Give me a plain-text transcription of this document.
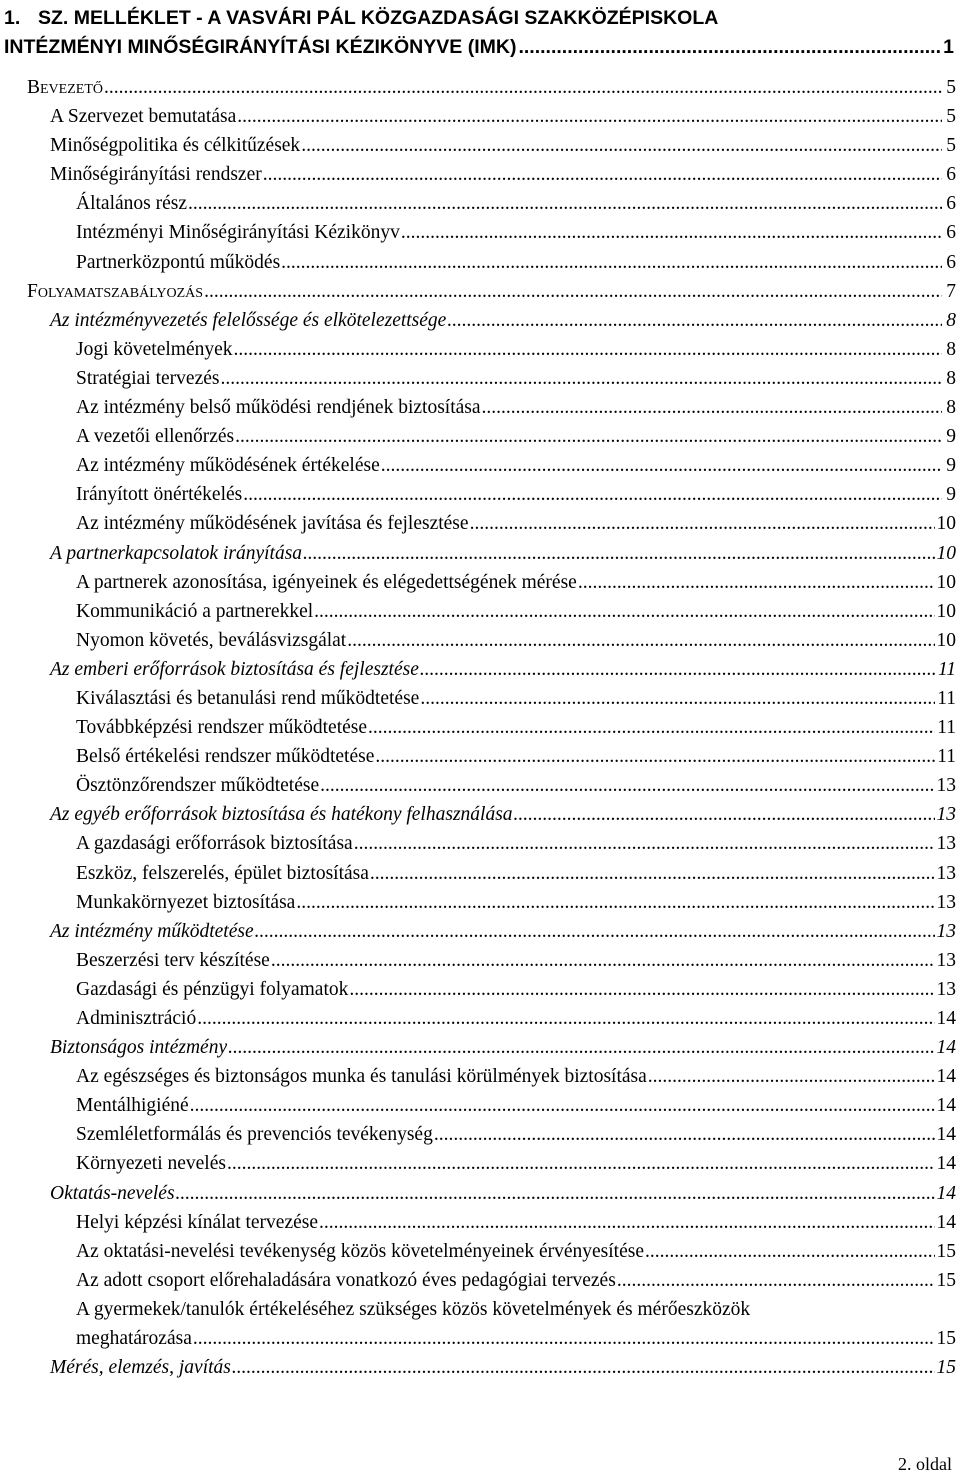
1. SZ. MELLÉKLET - A VASVÁRI PÁL KÖZGAZDASÁGI SZAKKÖZÉPISKOLA
INTÉZMÉNYI MINŐSÉGIRÁNYÍTÁSI KÉZIKÖNYVE (IMK) .....	1
Bevezető .....	5
A Szervezet bemutatása .....	5
Minőségpolitika és célkitűzések .....	5
Minőségirányítási rendszer .....	6
Általános rész .....	6
Intézményi Minőségirányítási Kézikönyv .....	6
Partnerközpontú működés .....	6
Folyamatszabályozás .....	7
Az intézményvezetés felelőssége és elkötelezettsége .....	8
Jogi követelmények .....	8
Stratégiai tervezés .....	8
Az intézmény belső működési rendjének biztosítása .....	8
A vezetői ellenőrzés .....	9
Az intézmény működésének értékelése .....	9
Irányított önértékelés .....	9
Az intézmény működésének javítása és fejlesztése .....	10
A partnerkapcsolatok irányítása .....	10
A partnerek azonosítása, igényeinek és elégedettségének mérése .....	10
Kommunikáció a partnerekkel .....	10
Nyomon követés, beválásvizsgálat .....	10
Az emberi erőforrások biztosítása és fejlesztése .....	11
Kiválasztási és betanulási rend működtetése .....	11
Továbbképzési rendszer működtetése .....	11
Belső értékelési rendszer működtetése .....	11
Ösztönzőrendszer működtetése .....	13
Az egyéb erőforrások biztosítása és hatékony felhasználása .....	13
A gazdasági erőforrások biztosítása .....	13
Eszköz, felszerelés, épület biztosítása .....	13
Munkakörnyezet biztosítása .....	13
Az intézmény működtetése .....	13
Beszerzési terv készítése .....	13
Gazdasági és pénzügyi folyamatok .....	13
Adminisztráció .....	14
Biztonságos intézmény .....	14
Az egészséges és biztonságos munka és tanulási körülmények biztosítása .....	14
Mentálhigiéné .....	14
Szemléletformálás és prevenciós tevékenység .....	14
Környezeti nevelés .....	14
Oktatás-nevelés .....	14
Helyi képzési kínálat tervezése .....	14
Az oktatási-nevelési tevékenység közös követelményeinek érvényesítése .....	15
Az adott csoport előrehaladására vonatkozó éves pedagógiai tervezés .....	15
A gyermekek/tanulók értékeléséhez szükséges közös követelmények és mérőeszközök
meghatározása .....	15
Mérés, elemzés, javítás .....	15
2. oldal
